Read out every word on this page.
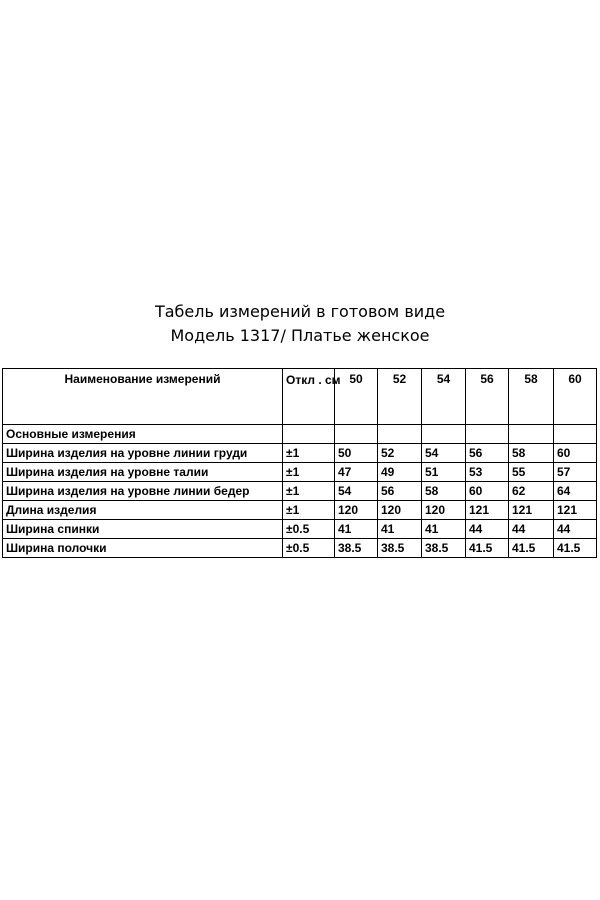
Табель измерений в готовом виде
Модель 1317/ Платье женское
Наименование измерений	Откл . см	50	52	54	56	58	60
Основные измерения							
Ширина изделия на уровне линии груди	±1	50	52	54	56	58	60
Ширина изделия на уровне талии	±1	47	49	51	53	55	57
Ширина изделия на уровне линии бедер	±1	54	56	58	60	62	64
Длина изделия	±1	120	120	120	121	121	121
Ширина спинки	±0.5	41	41	41	44	44	44
Ширина полочки	±0.5	38.5	38.5	38.5	41.5	41.5	41.5
